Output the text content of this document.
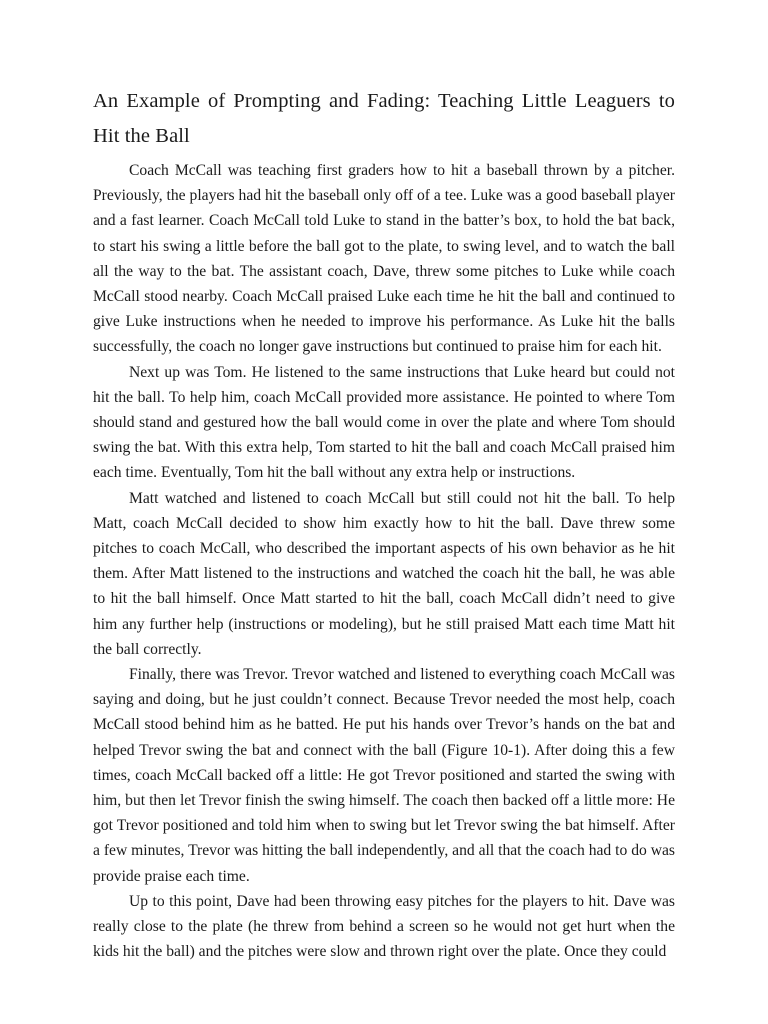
An Example of Prompting and Fading: Teaching Little Leaguers to Hit the Ball

Coach McCall was teaching first graders how to hit a baseball thrown by a pitcher. Previously, the players had hit the baseball only off of a tee. Luke was a good baseball player and a fast learner. Coach McCall told Luke to stand in the batter’s box, to hold the bat back, to start his swing a little before the ball got to the plate, to swing level, and to watch the ball all the way to the bat. The assistant coach, Dave, threw some pitches to Luke while coach McCall stood nearby. Coach McCall praised Luke each time he hit the ball and continued to give Luke instructions when he needed to improve his performance. As Luke hit the balls successfully, the coach no longer gave instructions but continued to praise him for each hit.

Next up was Tom. He listened to the same instructions that Luke heard but could not hit the ball. To help him, coach McCall provided more assistance. He pointed to where Tom should stand and gestured how the ball would come in over the plate and where Tom should swing the bat. With this extra help, Tom started to hit the ball and coach McCall praised him each time. Eventually, Tom hit the ball without any extra help or instructions.

Matt watched and listened to coach McCall but still could not hit the ball. To help Matt, coach McCall decided to show him exactly how to hit the ball. Dave threw some pitches to coach McCall, who described the important aspects of his own behavior as he hit them. After Matt listened to the instructions and watched the coach hit the ball, he was able to hit the ball himself. Once Matt started to hit the ball, coach McCall didn’t need to give him any further help (instructions or modeling), but he still praised Matt each time Matt hit the ball correctly.

Finally, there was Trevor. Trevor watched and listened to everything coach McCall was saying and doing, but he just couldn’t connect. Because Trevor needed the most help, coach McCall stood behind him as he batted. He put his hands over Trevor’s hands on the bat and helped Trevor swing the bat and connect with the ball (Figure 10-1). After doing this a few times, coach McCall backed off a little: He got Trevor positioned and started the swing with him, but then let Trevor finish the swing himself. The coach then backed off a little more: He got Trevor positioned and told him when to swing but let Trevor swing the bat himself. After a few minutes, Trevor was hitting the ball independently, and all that the coach had to do was provide praise each time.

Up to this point, Dave had been throwing easy pitches for the players to hit. Dave was really close to the plate (he threw from behind a screen so he would not get hurt when the kids hit the ball) and the pitches were slow and thrown right over the plate. Once they could
